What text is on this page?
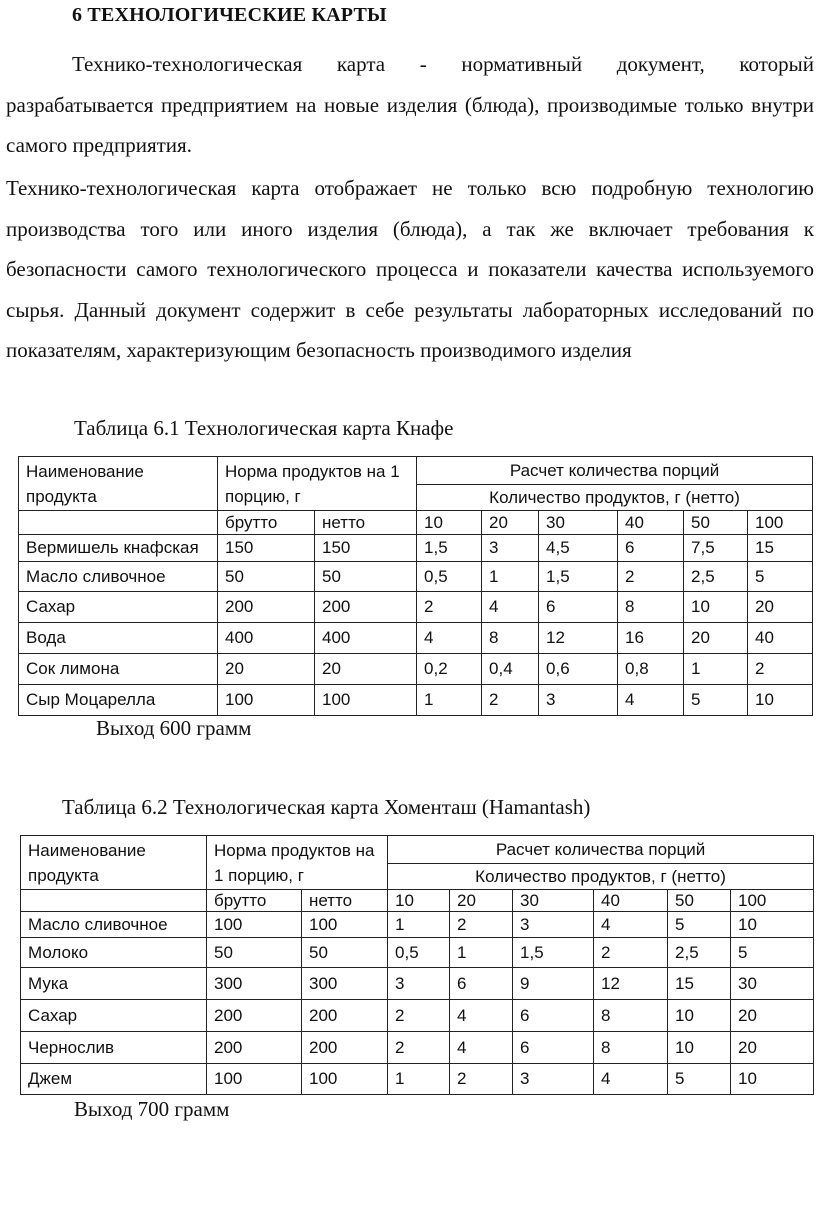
6 ТЕХНОЛОГИЧЕСКИЕ КАРТЫ
Технико-технологическая карта - нормативный документ, который разрабатывается предприятием на новые изделия (блюда), производимые только внутри самого предприятия.
Технико-технологическая карта отображает не только всю подробную технологию производства того или иного изделия (блюда), а так же включает требования к безопасности самого технологического процесса и показатели качества используемого сырья. Данный документ содержит в себе результаты лабораторных исследований по показателям, характеризующим безопасность производимого изделия
Таблица 6.1 Технологическая карта Кнафе
Наименование продукта	Норма продуктов на 1 порцию, г		Расчет количества порций					
			Количество продуктов, г (нетто)					
	брутто	нетто	10	20	30	40	50	100
Вермишель кнафская	150	150	1,5	3	4,5	6	7,5	15
Масло сливочное	50	50	0,5	1	1,5	2	2,5	5
Сахар	200	200	2	4	6	8	10	20
Вода	400	400	4	8	12	16	20	40
Сок лимона	20	20	0,2	0,4	0,6	0,8	1	2
Сыр Моцарелла	100	100	1	2	3	4	5	10
Выход 600 грамм
Таблица 6.2 Технологическая карта Хоменташ (Hamantash)
Наименование продукта	Норма продуктов на 1 порцию, г		Расчет количества порций					
			Количество продуктов, г (нетто)					
	брутто	нетто	10	20	30	40	50	100
Масло сливочное	100	100	1	2	3	4	5	10
Молоко	50	50	0,5	1	1,5	2	2,5	5
Мука	300	300	3	6	9	12	15	30
Сахар	200	200	2	4	6	8	10	20
Чернослив	200	200	2	4	6	8	10	20
Джем	100	100	1	2	3	4	5	10
Выход 700 грамм
